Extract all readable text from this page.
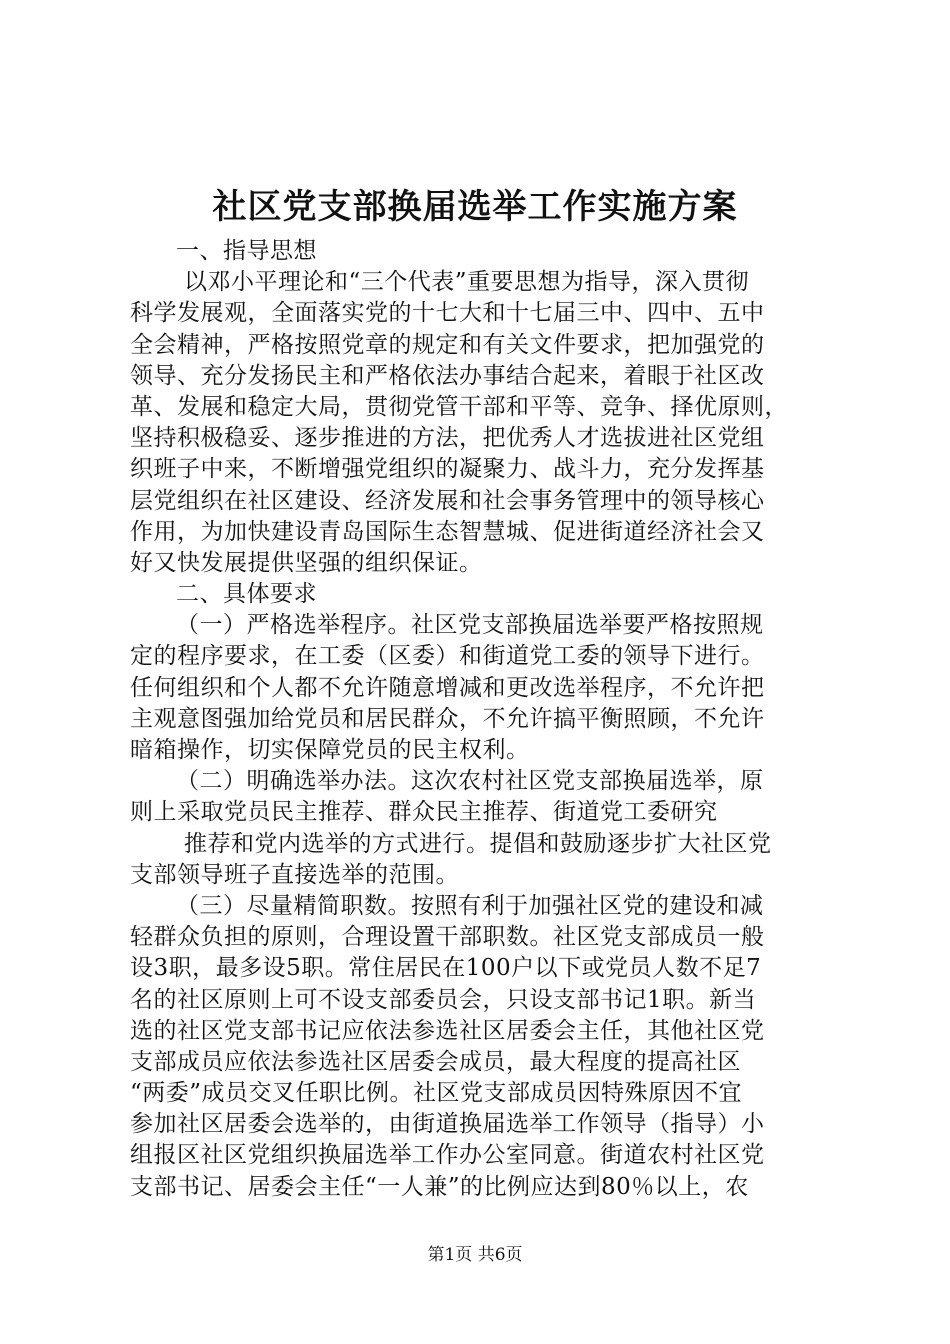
社区党支部换届选举工作实施方案
一、指导思想
以邓小平理论和“三个代表”重要思想为指导，深入贯彻
科学发展观，全面落实党的十七大和十七届三中、四中、五中
全会精神，严格按照党章的规定和有关文件要求，把加强党的
领导、充分发扬民主和严格依法办事结合起来，着眼于社区改
革、发展和稳定大局，贯彻党管干部和平等、竞争、择优原则，
坚持积极稳妥、逐步推进的方法，把优秀人才选拔进社区党组
织班子中来，不断增强党组织的凝聚力、战斗力，充分发挥基
层党组织在社区建设、经济发展和社会事务管理中的领导核心
作用，为加快建设青岛国际生态智慧城、促进街道经济社会又
好又快发展提供坚强的组织保证。
二、具体要求
（一）严格选举程序。社区党支部换届选举要严格按照规
定的程序要求，在工委（区委）和街道党工委的领导下进行。
任何组织和个人都不允许随意增减和更改选举程序，不允许把
主观意图强加给党员和居民群众，不允许搞平衡照顾，不允许
暗箱操作，切实保障党员的民主权利。
（二）明确选举办法。这次农村社区党支部换届选举，原
则上采取党员民主推荐、群众民主推荐、街道党工委研究
推荐和党内选举的方式进行。提倡和鼓励逐步扩大社区党
支部领导班子直接选举的范围。
（三）尽量精简职数。按照有利于加强社区党的建设和减
轻群众负担的原则，合理设置干部职数。社区党支部成员一般
设3职，最多设5职。常住居民在100户以下或党员人数不足7
名的社区原则上可不设支部委员会，只设支部书记1职。新当
选的社区党支部书记应依法参选社区居委会主任，其他社区党
支部成员应依法参选社区居委会成员，最大程度的提高社区
“两委”成员交叉任职比例。社区党支部成员因特殊原因不宜
参加社区居委会选举的，由街道换届选举工作领导（指导）小
组报区社区党组织换届选举工作办公室同意。街道农村社区党
支部书记、居委会主任“一人兼”的比例应达到80％以上，农
第1页 共6页
